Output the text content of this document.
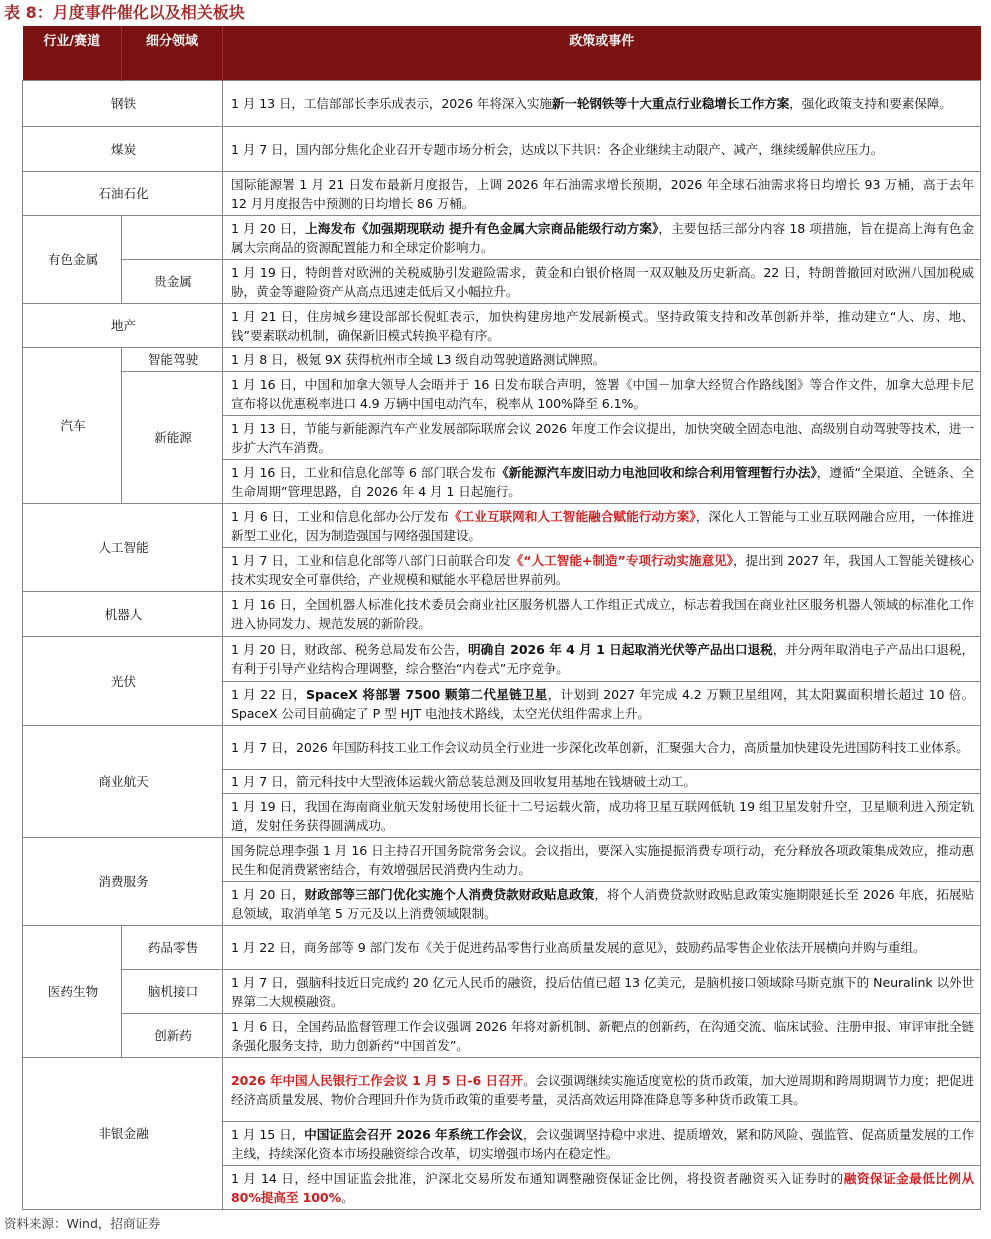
表 8：月度事件催化以及相关板块
行业/赛道	细分领域	政策或事件
钢铁		1 月 13 日，工信部部长李乐成表示，2026 年将深入实施新一轮钢铁等十大重点行业稳增长工作方案，强化政策支持和要素保障。
煤炭		1 月 7 日，国内部分焦化企业召开专题市场分析会，达成以下共识：各企业继续主动限产、减产，继续缓解供应压力。
石油石化		国际能源署 1 月 21 日发布最新月度报告，上调 2026 年石油需求增长预期，2026 年全球石油需求将日均增长 93 万桶，高于去年 12 月月度报告中预测的日均增长 86 万桶。
有色金属		1 月 20 日，上海发布《加强期现联动 提升有色金属大宗商品能级行动方案》，主要包括三部分内容 18 项措施，旨在提高上海有色金属大宗商品的资源配置能力和全球定价影响力。
	贵金属	1 月 19 日，特朗普对欧洲的关税威胁引发避险需求，黄金和白银价格周一双双触及历史新高。22 日，特朗普撤回对欧洲八国加税威胁，黄金等避险资产从高点迅速走低后又小幅拉升。
地产		1 月 21 日，住房城乡建设部部长倪虹表示，加快构建房地产发展新模式。坚持政策支持和改革创新并举，推动建立“人、房、地、钱”要素联动机制，确保新旧模式转换平稳有序。
汽车	智能驾驶	1 月 8 日，极氪 9X 获得杭州市全域 L3 级自动驾驶道路测试牌照。
	新能源	1 月 16 日，中国和加拿大领导人会晤并于 16 日发布联合声明，签署《中国－加拿大经贸合作路线图》等合作文件，加拿大总理卡尼宣布将以优惠税率进口 4.9 万辆中国电动汽车，税率从 100%降至 6.1%。
		1 月 13 日，节能与新能源汽车产业发展部际联席会议 2026 年度工作会议提出，加快突破全固态电池、高级别自动驾驶等技术，进一步扩大汽车消费。
		1 月 16 日，工业和信息化部等 6 部门联合发布《新能源汽车废旧动力电池回收和综合利用管理暂行办法》，遵循“全渠道、全链条、全生命周期”管理思路，自 2026 年 4 月 1 日起施行。
人工智能		1 月 6 日，工业和信息化部办公厅发布《工业互联网和人工智能融合赋能行动方案》，深化人工智能与工业互联网融合应用，一体推进新型工业化，因为制造强国与网络强国建设。
		1 月 7 日，工业和信息化部等八部门日前联合印发《“人工智能+制造”专项行动实施意见》，提出到 2027 年，我国人工智能关键核心技术实现安全可靠供给，产业规模和赋能水平稳居世界前列。
机器人		1 月 16 日，全国机器人标准化技术委员会商业社区服务机器人工作组正式成立，标志着我国在商业社区服务机器人领域的标准化工作进入协同发力、规范发展的新阶段。
光伏		1 月 20 日，财政部、税务总局发布公告，明确自 2026 年 4 月 1 日起取消光伏等产品出口退税，并分两年取消电子产品出口退税，有利于引导产业结构合理调整，综合整治“内卷式”无序竞争。
		1 月 22 日，SpaceX 将部署 7500 颗第二代星链卫星，计划到 2027 年完成 4.2 万颗卫星组网，其太阳翼面积增长超过 10 倍。SpaceX 公司目前确定了 P 型 HJT 电池技术路线，太空光伏组件需求上升。
商业航天		1 月 7 日，2026 年国防科技工业工作会议动员全行业进一步深化改革创新，汇聚强大合力，高质量加快建设先进国防科技工业体系。
		1 月 7 日，箭元科技中大型液体运载火箭总装总测及回收复用基地在钱塘破土动工。
		1 月 19 日，我国在海南商业航天发射场使用长征十二号运载火箭，成功将卫星互联网低轨 19 组卫星发射升空，卫星顺利进入预定轨道，发射任务获得圆满成功。
消费服务		国务院总理李强 1 月 16 日主持召开国务院常务会议。会议指出，要深入实施提振消费专项行动，充分释放各项政策集成效应，推动惠民生和促消费紧密结合，有效增强居民消费内生动力。
		1 月 20 日，财政部等三部门优化实施个人消费贷款财政贴息政策，将个人消费贷款财政贴息政策实施期限延长至 2026 年底，拓展贴息领域，取消单笔 5 万元及以上消费领域限制。
医药生物	药品零售	1 月 22 日，商务部等 9 部门发布《关于促进药品零售行业高质量发展的意见》，鼓励药品零售企业依法开展横向并购与重组。
	脑机接口	1 月 7 日，强脑科技近日完成约 20 亿元人民币的融资，投后估值已超 13 亿美元，是脑机接口领域除马斯克旗下的 Neuralink 以外世界第二大规模融资。
	创新药	1 月 6 日，全国药品监督管理工作会议强调 2026 年将对新机制、新靶点的创新药，在沟通交流、临床试验、注册申报、审评审批全链条强化服务支持，助力创新药“中国首发”。
非银金融		2026 年中国人民银行工作会议 1 月 5 日-6 日召开。会议强调继续实施适度宽松的货币政策，加大逆周期和跨周期调节力度；把促进经济高质量发展、物价合理回升作为货币政策的重要考量，灵活高效运用降准降息等多种货币政策工具。
		1 月 15 日，中国证监会召开 2026 年系统工作会议，会议强调坚持稳中求进、提质增效，紧和防风险、强监管、促高质量发展的工作主线，持续深化资本市场投融资综合改革，切实增强市场内在稳定性。
		1 月 14 日，经中国证监会批准，沪深北交易所发布通知调整融资保证金比例，将投资者融资买入证券时的融资保证金最低比例从 80%提高至 100%。
资料来源：Wind，招商证券
